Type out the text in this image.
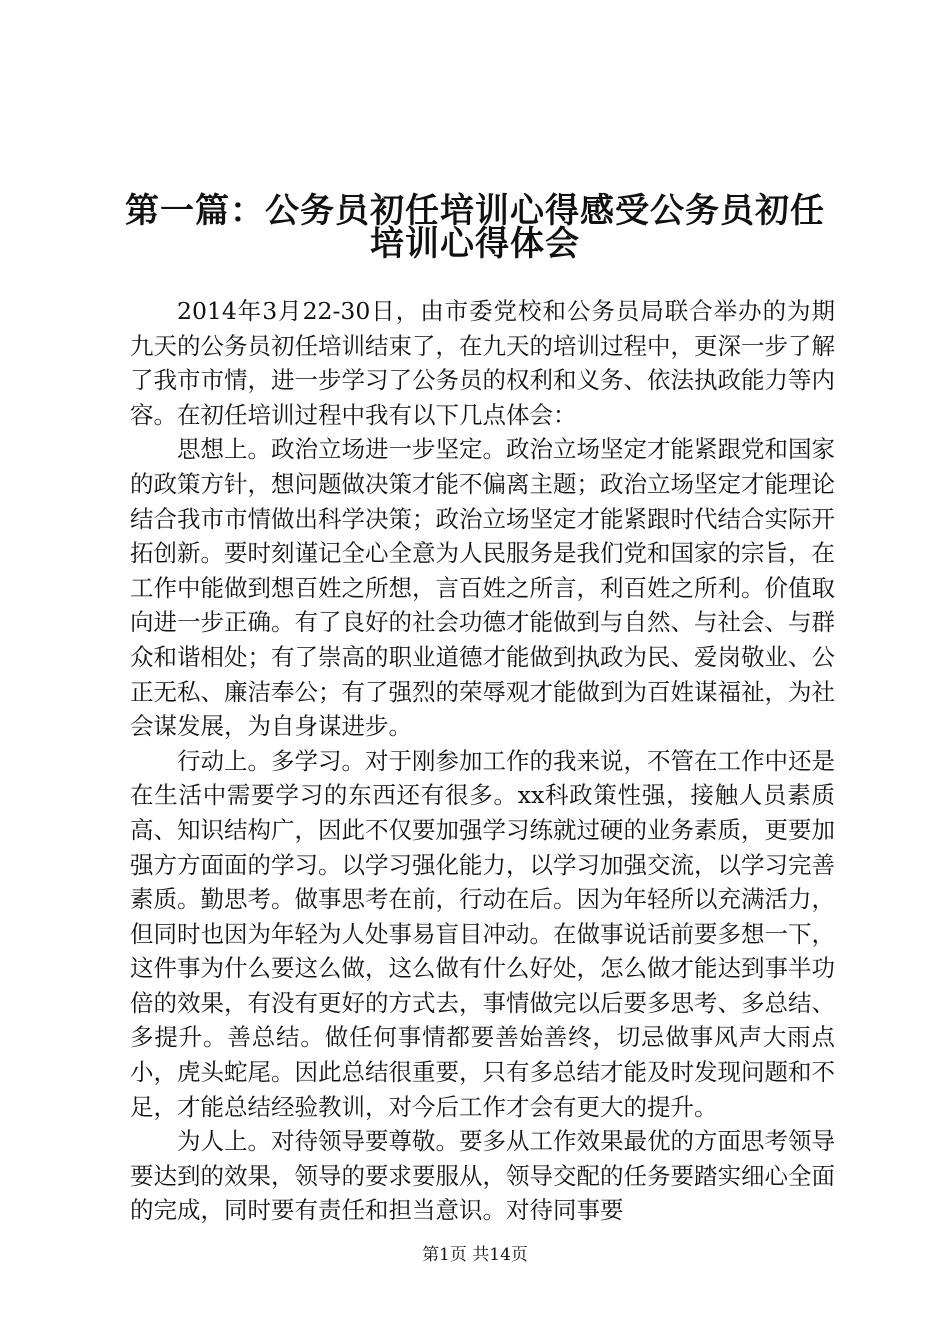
第一篇：公务员初任培训心得感受公务员初任
培训心得体会

2014年3月22-30日，由市委党校和公务员局联合举办的为期九天的公务员初任培训结束了，在九天的培训过程中，更深一步了解了我市市情，进一步学习了公务员的权利和义务、依法执政能力等内容。在初任培训过程中我有以下几点体会：

思想上。政治立场进一步坚定。政治立场坚定才能紧跟党和国家的政策方针，想问题做决策才能不偏离主题；政治立场坚定才能理论结合我市市情做出科学决策；政治立场坚定才能紧跟时代结合实际开拓创新。要时刻谨记全心全意为人民服务是我们党和国家的宗旨，在工作中能做到想百姓之所想，言百姓之所言，利百姓之所利。价值取向进一步正确。有了良好的社会功德才能做到与自然、与社会、与群众和谐相处；有了崇高的职业道德才能做到执政为民、爱岗敬业、公正无私、廉洁奉公；有了强烈的荣辱观才能做到为百姓谋福祉，为社会谋发展，为自身谋进步。

行动上。多学习。对于刚参加工作的我来说，不管在工作中还是在生活中需要学习的东西还有很多。xx科政策性强，接触人员素质高、知识结构广，因此不仅要加强学习练就过硬的业务素质，更要加强方方面面的学习。以学习强化能力，以学习加强交流，以学习完善素质。勤思考。做事思考在前，行动在后。因为年轻所以充满活力，但同时也因为年轻为人处事易盲目冲动。在做事说话前要多想一下，这件事为什么要这么做，这么做有什么好处，怎么做才能达到事半功倍的效果，有没有更好的方式去，事情做完以后要多思考、多总结、多提升。善总结。做任何事情都要善始善终，切忌做事风声大雨点小，虎头蛇尾。因此总结很重要，只有多总结才能及时发现问题和不足，才能总结经验教训，对今后工作才会有更大的提升。

为人上。对待领导要尊敬。要多从工作效果最优的方面思考领导要达到的效果，领导的要求要服从，领导交配的任务要踏实细心全面的完成，同时要有责任和担当意识。对待同事要

第1页 共14页
